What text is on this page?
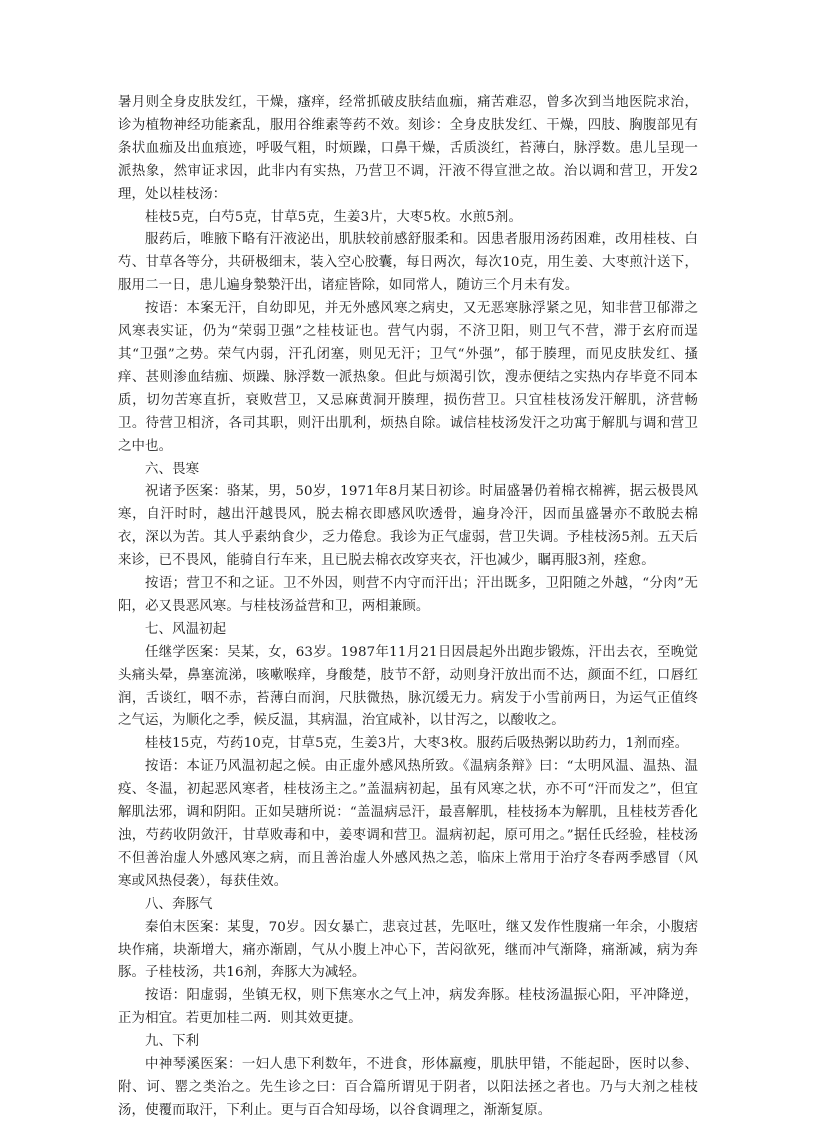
暑月则全身皮肤发红，干燥，瘙痒，经常抓破皮肤结血痂，痛苦难忍，曾多次到当地医院求治，诊为植物神经功能紊乱，服用谷维素等药不效。刻诊：全身皮肤发红、干燥，四肢、胸腹部见有条状血痂及出血痕迹，呼吸气粗，时烦躁，口鼻干燥，舌质淡红，苔薄白，脉浮数。患儿呈现一派热象，然审证求因，此非内有实热，乃营卫不调，汗液不得宣泄之故。治以调和营卫，开发2理，处以桂枝汤：

桂枝5克，白芍5克，甘草5克，生姜3片，大枣5枚。水煎5剂。

服药后，唯腋下略有汗液泌出，肌肤较前感舒服柔和。因患者服用汤药困难，改用桂枝、白芍、甘草各等分，共研极细末，装入空心胶囊，每日两次，每次10克，用生姜、大枣煎汁送下，服用二一日，患儿遍身漐漐汗出，诸症皆除，如同常人，随访三个月未有发。

按语：本案无汗，自幼即见，并无外感风寒之病史，又无恶寒脉浮紧之见，知非营卫郁滞之风寒表实证，仍为“荣弱卫强”之桂枝证也。营气内弱，不济卫阳，则卫气不营，滞于玄府而逞其“卫强”之势。荣气内弱，汗孔闭塞，则见无汗；卫气“外强”，郁于腠理，而见皮肤发红、搔痒、甚则渗血结痂、烦躁、脉浮数一派热象。但此与烦渴引饮，溲赤便结之实热内存毕竟不同本质，切勿苦寒直折，衰败营卫，又忌麻黄洞开腠理，损伤营卫。只宜桂枝汤发汗解肌，济营畅卫。待营卫相济，各司其职，则汗出肌利，烦热自除。诚信桂枝汤发汗之功寓于解肌与调和营卫之中也。

六、畏寒

祝诸予医案：骆某，男，50岁，1971年8月某日初诊。时届盛暑仍着棉衣棉裤，据云极畏风寒，自汗时时，越出汗越畏风，脱去棉衣即感风吹透骨，遍身冷汗，因而虽盛暑亦不敢脱去棉衣，深以为苦。其人乎素纳食少，乏力倦怠。我诊为正气虚弱，营卫失调。予桂枝汤5剂。五天后来诊，已不畏风，能骑自行车来，且已脱去棉衣改穿夹衣，汗也减少，瞩再服3剂，痊愈。

按语；营卫不和之证。卫不外因，则营不内守而汗出；汗出既多，卫阳随之外越，“分肉”无阳，必又畏恶风寒。与桂枝汤益营和卫，两相兼顾。

七、风温初起

任继学医案：吴某，女，63岁。1987年11月21日因晨起外出跑步锻炼，汗出去衣，至晚觉头痛头晕，鼻塞流涕，咳嗽喉痒，身酸楚，肢节不舒，动则身汗放出而不达，颜面不红，口唇红润，舌谈红，咽不赤，苔薄白而润，尺肤微热，脉沉缓无力。病发于小雪前两日，为运气正值终之气运，为顺化之季，候反温，其病温，治宜咸补，以甘泻之，以酸收之。

桂枝15克，芍药10克，甘草5克，生姜3片，大枣3枚。服药后吸热粥以助药力，1剂而痊。

按语：本证乃风温初起之候。由正虚外感风热所致。《温病条辩》曰：“太明风温、温热、温疫、冬温，初起恶风寒者，桂枝汤主之。”盖温病初起，虽有风寒之状，亦不可“汗而发之”，但宜解肌法邪，调和阴阳。正如吴瑭所说：“盖温病忌汗，最喜解肌，桂枝扬本为解肌，且桂枝芳香化浊，芍药收阴敛汗，甘草败毒和中，姜枣调和营卫。温病初起，原可用之。”据任氏经验，桂枝汤不但善治虚人外感风寒之病，而且善治虚人外感风热之恙，临床上常用于治疗冬春两季感冒（风寒或风热侵袭），每获佳效。

八、奔豚气

秦伯末医案：某叟，70岁。因女暴亡，悲哀过甚，先呕吐，继又发作性腹痛一年余，小腹痞块作痛，块渐增大，痛亦渐剧，气从小腹上冲心下，苦闷欲死，继而冲气渐降，痛渐减，病为奔豚。子桂枝汤，共16剂，奔豚大为减轻。

按语：阳虚弱，坐镇无权，则下焦寒水之气上冲，病发奔豚。桂枝汤温振心阳，平冲降逆，正为相宜。若更加桂二两．则其效更捷。

九、下利

中神琴溪医案：一妇人患下利数年，不进食，形体羸瘦，肌肤甲错，不能起卧，医时以参、附、诃、罂之类治之。先生诊之曰：百合篇所谓见于阴者，以阳法拯之者也。乃与大剂之桂枝汤，使覆而取汗，下利止。更与百合知母场，以谷食调理之，渐渐复原。
